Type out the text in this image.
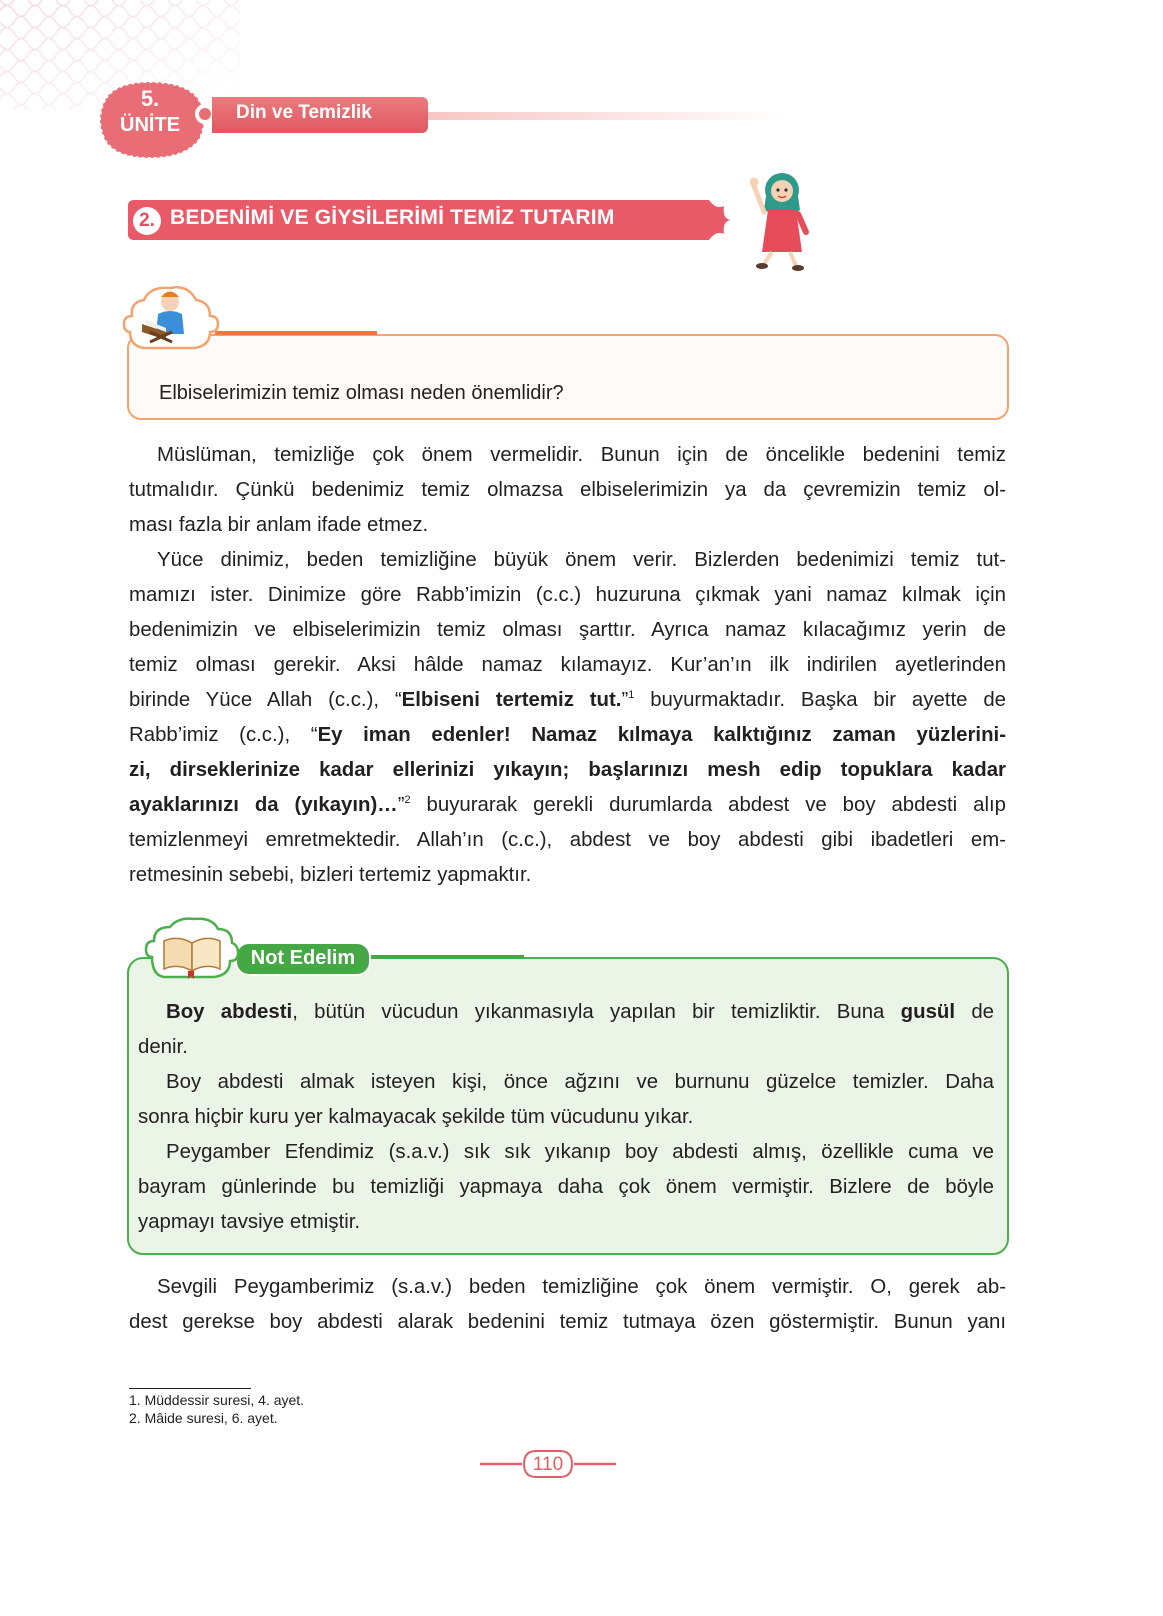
5.
ÜNİTE
Din ve Temizlik
2. BEDENİMİ VE GİYSİLERİMİ TEMİZ TUTARIM
Elbiselerimizin temiz olması neden önemlidir?
Müslüman, temizliğe çok önem vermelidir. Bunun için de öncelikle bedenini temiz
tutmalıdır. Çünkü bedenimiz temiz olmazsa elbiselerimizin ya da çevremizin temiz ol-
ması fazla bir anlam ifade etmez.
Yüce dinimiz, beden temizliğine büyük önem verir. Bizlerden bedenimizi temiz tut-
mamızı ister. Dinimize göre Rabb’imizin (c.c.) huzuruna çıkmak yani namaz kılmak için
bedenimizin ve elbiselerimizin temiz olması şarttır. Ayrıca namaz kılacağımız yerin de
temiz olması gerekir. Aksi hâlde namaz kılamayız. Kur’an’ın ilk indirilen ayetlerinden
birinde Yüce Allah (c.c.), “Elbiseni tertemiz tut.”$^1$ buyurmaktadır. Başka bir ayette de
Rabb’imiz (c.c.), “Ey iman edenler! Namaz kılmaya kalktığınız zaman yüzlerini-
zi, dirseklerinize kadar ellerinizi yıkayın; başlarınızı mesh edip topuklara kadar
ayaklarınızı da (yıkayın)…”$^2$ buyurarak gerekli durumlarda abdest ve boy abdesti alıp
temizlenmeyi emretmektedir. Allah’ın (c.c.), abdest ve boy abdesti gibi ibadetleri em-
retmesinin sebebi, bizleri tertemiz yapmaktır.
Not Edelim
Boy abdesti, bütün vücudun yıkanmasıyla yapılan bir temizliktir. Buna gusül de
denir.
Boy abdesti almak isteyen kişi, önce ağzını ve burnunu güzelce temizler. Daha
sonra hiçbir kuru yer kalmayacak şekilde tüm vücudunu yıkar.
Peygamber Efendimiz (s.a.v.) sık sık yıkanıp boy abdesti almış, özellikle cuma ve
bayram günlerinde bu temizliği yapmaya daha çok önem vermiştir. Bizlere de böyle
yapmayı tavsiye etmiştir.
Sevgili Peygamberimiz (s.a.v.) beden temizliğine çok önem vermiştir. O, gerek ab-
dest gerekse boy abdesti alarak bedenini temiz tutmaya özen göstermiştir. Bunun yanı
1. Müddessir suresi, 4. ayet.
2. Mâide suresi, 6. ayet.
110
